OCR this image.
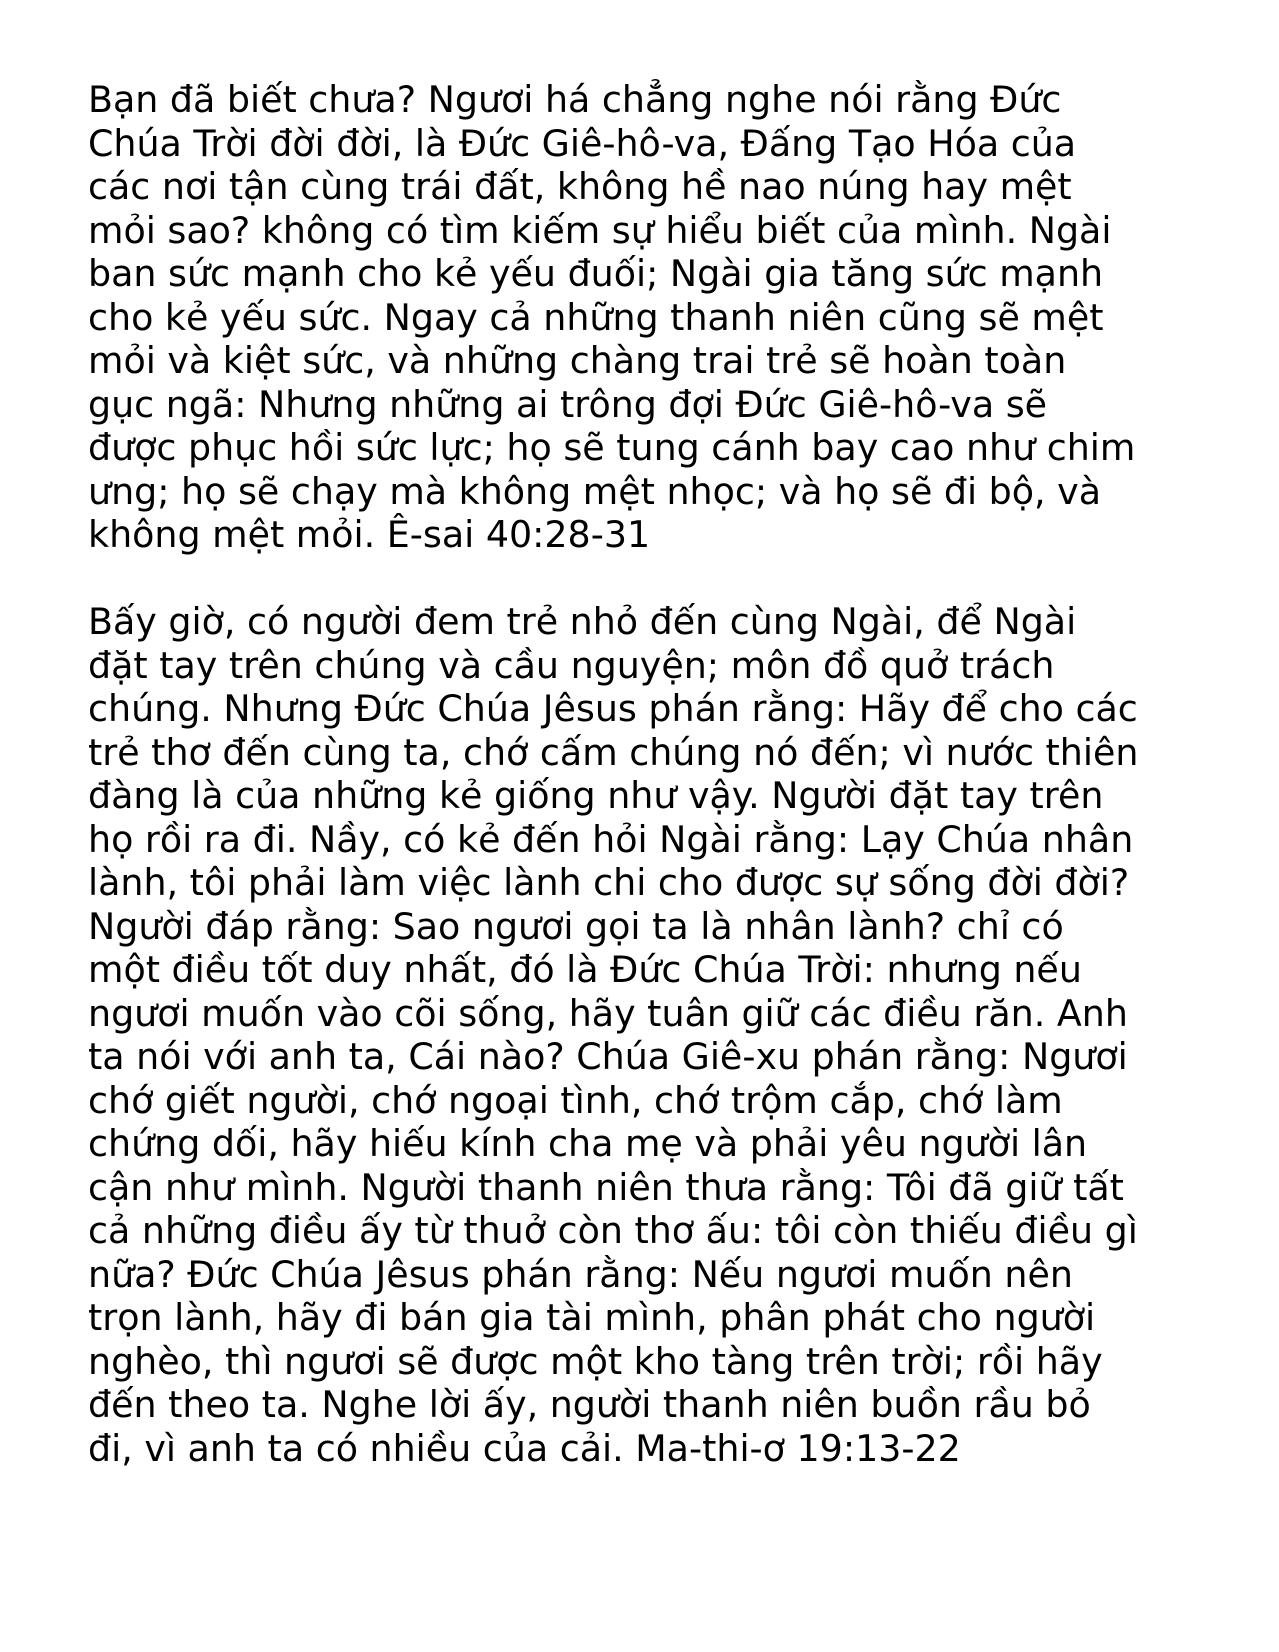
Bạn đã biết chưa? Ngươi há chẳng nghe nói rằng Đức
Chúa Trời đời đời, là Đức Giê-hô-va, Đấng Tạo Hóa của
các nơi tận cùng trái đất, không hề nao núng hay mệt
mỏi sao? không có tìm kiếm sự hiểu biết của mình. Ngài
ban sức mạnh cho kẻ yếu đuối; Ngài gia tăng sức mạnh
cho kẻ yếu sức. Ngay cả những thanh niên cũng sẽ mệt
mỏi và kiệt sức, và những chàng trai trẻ sẽ hoàn toàn
gục ngã: Nhưng những ai trông đợi Đức Giê-hô-va sẽ
được phục hồi sức lực; họ sẽ tung cánh bay cao như chim
ưng; họ sẽ chạy mà không mệt nhọc; và họ sẽ đi bộ, và
không mệt mỏi. Ê-sai 40:28-31
Bấy giờ, có người đem trẻ nhỏ đến cùng Ngài, để Ngài
đặt tay trên chúng và cầu nguyện; môn đồ quở trách
chúng. Nhưng Đức Chúa Jêsus phán rằng: Hãy để cho các
trẻ thơ đến cùng ta, chớ cấm chúng nó đến; vì nước thiên
đàng là của những kẻ giống như vậy. Người đặt tay trên
họ rồi ra đi. Nầy, có kẻ đến hỏi Ngài rằng: Lạy Chúa nhân
lành, tôi phải làm việc lành chi cho được sự sống đời đời?
Người đáp rằng: Sao ngươi gọi ta là nhân lành? chỉ có
một điều tốt duy nhất, đó là Đức Chúa Trời: nhưng nếu
ngươi muốn vào cõi sống, hãy tuân giữ các điều răn. Anh
ta nói với anh ta, Cái nào? Chúa Giê-xu phán rằng: Ngươi
chớ giết người, chớ ngoại tình, chớ trộm cắp, chớ làm
chứng dối, hãy hiếu kính cha mẹ và phải yêu người lân
cận như mình. Người thanh niên thưa rằng: Tôi đã giữ tất
cả những điều ấy từ thuở còn thơ ấu: tôi còn thiếu điều gì
nữa? Đức Chúa Jêsus phán rằng: Nếu ngươi muốn nên
trọn lành, hãy đi bán gia tài mình, phân phát cho người
nghèo, thì ngươi sẽ được một kho tàng trên trời; rồi hãy
đến theo ta. Nghe lời ấy, người thanh niên buồn rầu bỏ
đi, vì anh ta có nhiều của cải. Ma-thi-ơ 19:13-22
